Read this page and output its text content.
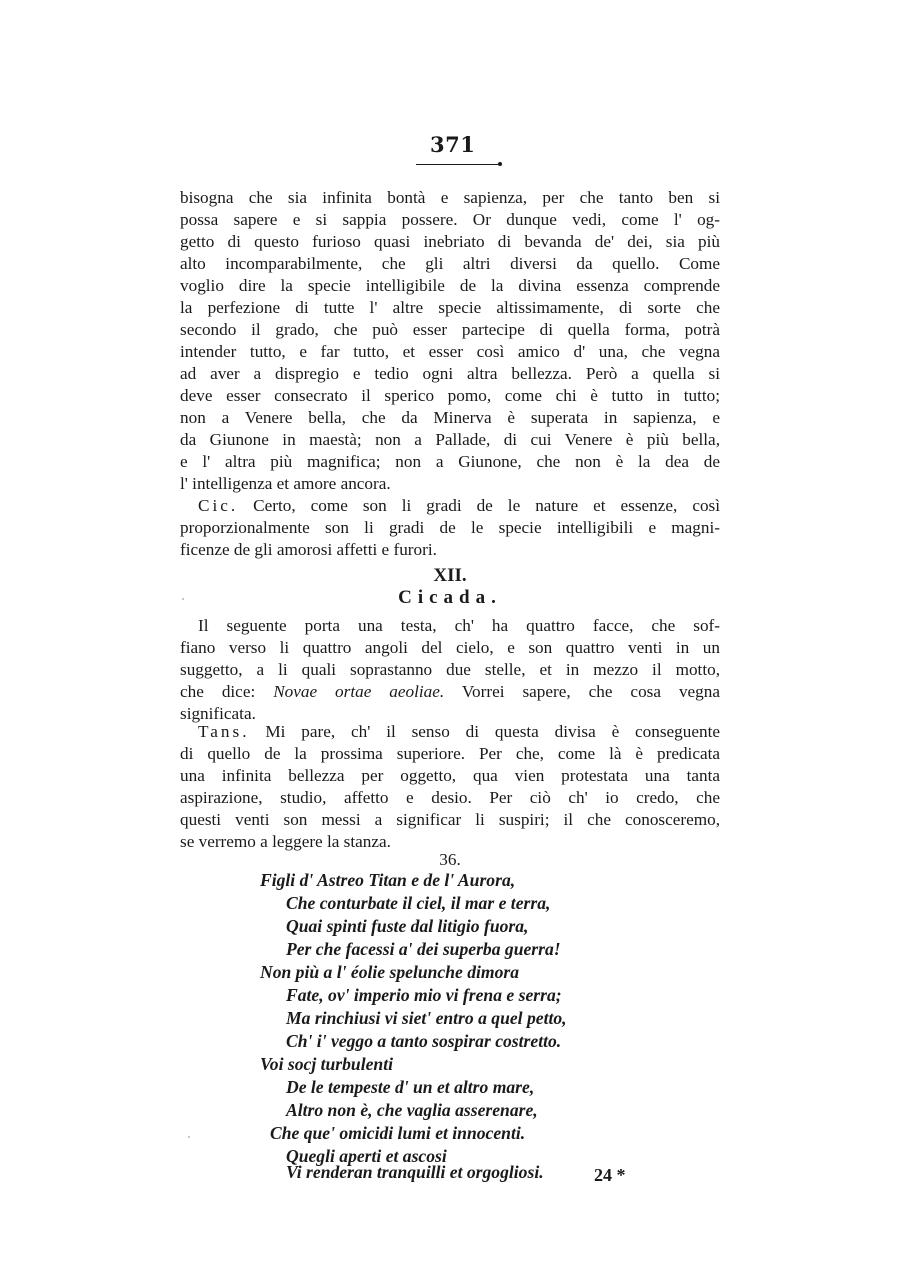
371
bisogna che sia infinita bontà e sapienza, per che tanto ben si
possa sapere e si sappia possere. Or dunque vedi, come l' og-
getto di questo furioso quasi inebriato di bevanda de' dei, sia più
alto incomparabilmente, che gli altri diversi da quello. Come
voglio dire la specie intelligibile de la divina essenza comprende
la perfezione di tutte l' altre specie altissimamente, di sorte che
secondo il grado, che può esser partecipe di quella forma, potrà
intender tutto, e far tutto, et esser così amico d' una, che vegna
ad aver a dispregio e tedio ogni altra bellezza. Però a quella si
deve esser consecrato il sperico pomo, come chi è tutto in tutto;
non a Venere bella, che da Minerva è superata in sapienza, e
da Giunone in maestà; non a Pallade, di cui Venere è più bella,
e l' altra più magnifica; non a Giunone, che non è la dea de
l' intelligenza et amore ancora.
Cic. Certo, come son li gradi de le nature et essenze, così
proporzionalmente son li gradi de le specie intelligibili e magni-
ficenze de gli amorosi affetti e furori.
XII.
Cicada.
Il seguente porta una testa, ch' ha quattro facce, che sof-
fiano verso li quattro angoli del cielo, e son quattro venti in un
suggetto, a li quali soprastanno due stelle, et in mezzo il motto,
che dice: Novae ortae aeoliae. Vorrei sapere, che cosa vegna
significata.
Tans. Mi pare, ch' il senso di questa divisa è conseguente
di quello de la prossima superiore. Per che, come là è predicata
una infinita bellezza per oggetto, qua vien protestata una tanta
aspirazione, studio, affetto e desio. Per ciò ch' io credo, che
questi venti son messi a significar li suspiri; il che conosceremo,
se verremo a leggere la stanza.
36.
Figli d' Astreo Titan e de l' Aurora,
Che conturbate il ciel, il mar e terra,
Quai spinti fuste dal litigio fuora,
Per che facessi a' dei superba guerra!
Non più a l' éolie spelunche dimora
Fate, ov' imperio mio vi frena e serra;
Ma rinchiusi vi siet' entro a quel petto,
Ch' i' veggo a tanto sospirar costretto.
Voi socj turbulenti
De le tempeste d' un et altro mare,
Altro non è, che vaglia asserenare,
Che que' omicidi lumi et innocenti.
Quegli aperti et ascosi
Vi renderan tranquilli et orgogliosi.	24 *
